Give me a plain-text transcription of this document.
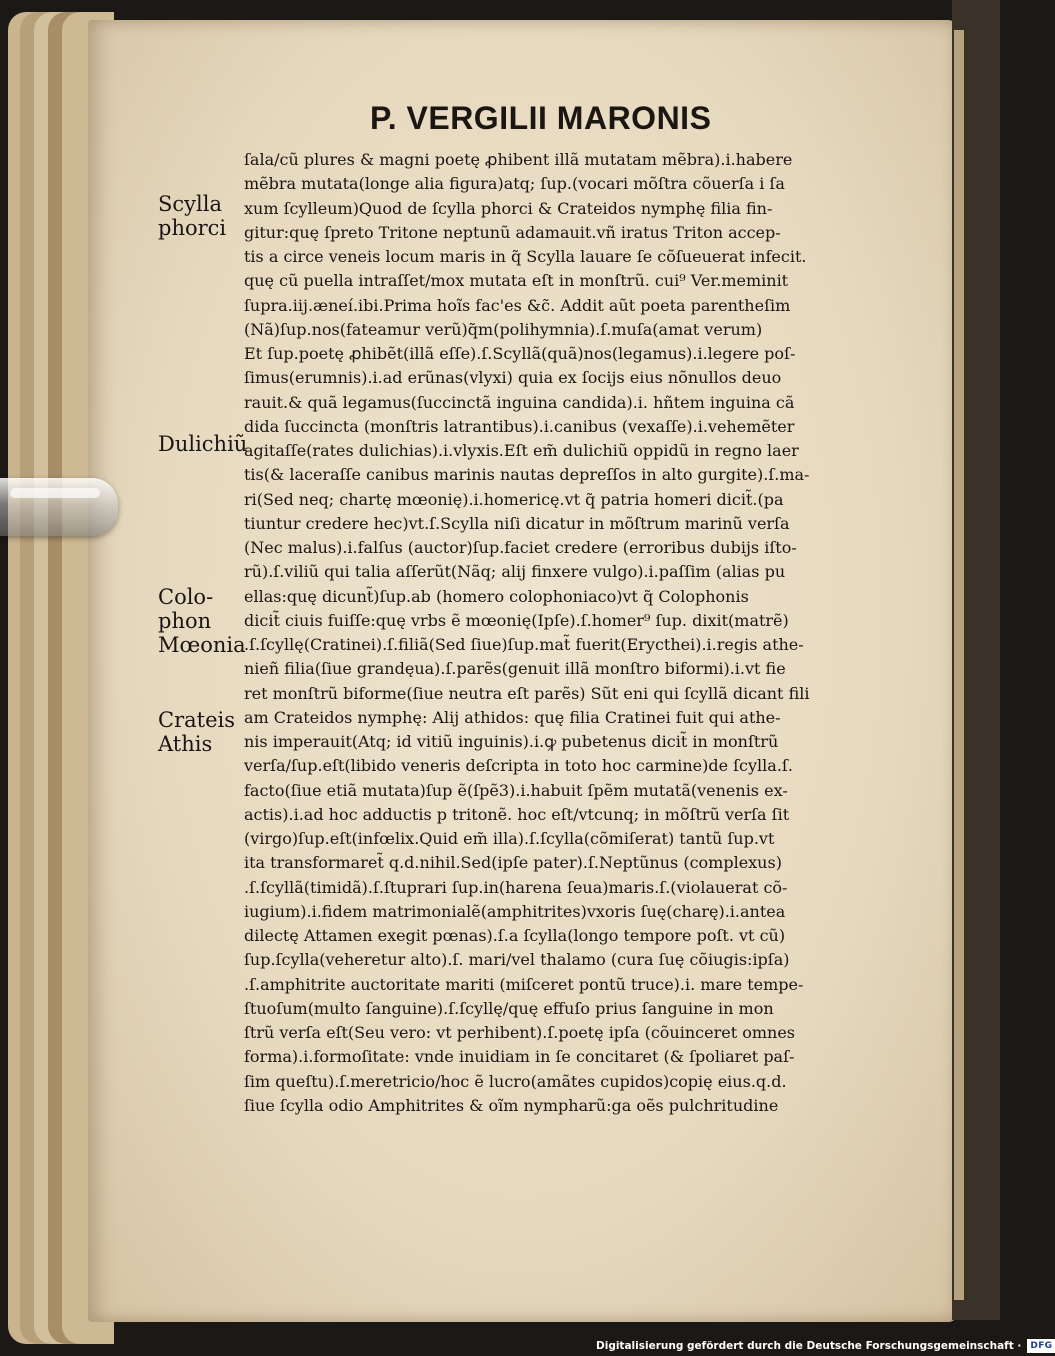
P. VERGILII MARONIS
Scylla
phorci
Dulichiũ
Colo-
phon
Mœonia
Crateis
Athis
ſala/cũ plures & magni poetę ꝓhibent illã mutatam mẽbra).i.habere
mẽbra mutata(longe alia figura)atq; ſup.(vocari mõſtra cõuerſa i ſa
xum ſcylleum)Quod de ſcylla phorci & Crateidos nymphę filia fin-
gitur:quę ſpreto Tritone neptunũ adamauit.vñ iratus Triton accep-
tis a circe veneis locum maris in q̃ Scylla lauare ſe cõſueuerat infecit.
quę cũ puella intraſſet/mox mutata eſt in monſtrũ. cui⁹ Ver.meminit
ſupra.iij.æneí.ibi.Prima hoĩs fac'es &c̃. Addit aũt poeta parentheſim
(Nã)ſup.nos(fateamur verũ)q̃m(polihymnia).ſ.muſa(amat verum)
Et ſup.poetę ꝓhibẽt(illã eſſe).ſ.Scyllã(quã)nos(legamus).i.legere poſ-
ſimus(erumnis).i.ad erũnas(vlyxi) quia ex ſocijs eius nõnullos deuo
rauit.& quã legamus(ſuccinctã inguina candida).i. hñtem inguina cã
dida ſuccincta (monſtris latrantibus).i.canibus (vexaſſe).i.vehemẽter
agitaſſe(rates dulichias).i.vlyxis.Eſt em̃ dulichiũ oppidũ in regno laer
tis(& laceraſſe canibus marinis nautas depreſſos in alto gurgite).ſ.ma-
ri(Sed neq; chartę mœonię).i.homericę.vt q̃ patria homeri dicit̃.(pa
tiuntur credere hec)vt.ſ.Scylla niſi dicatur in mõſtrum marinũ verſa
(Nec malus).i.falſus (auctor)ſup.faciet credere (erroribus dubijs iſto-
rũ).ſ.viliũ qui talia aſſerũt(Nãq; alij finxere vulgo).i.paſſim (alias pu
ellas:quę dicunt̃)ſup.ab (homero colophoniaco)vt q̃ Colophonis
dicit̃ ciuis fuiſſe:quę vrbs ẽ mœonię(Ipſe).ſ.homer⁹ ſup. dixit(matrẽ)
.ſ.ſcyllę(Cratinei).ſ.filiã(Sed ſiue)ſup.mat̃ fuerit(Erycthei).i.regis athe-
nieñ filia(ſiue grandęua).ſ.parẽs(genuit illã monſtro biformi).i.vt fie
ret monſtrũ biforme(ſiue neutra eſt parẽs) Sũt eni qui ſcyllã dicant fili
am Crateidos nymphę: Alij athidos: quę filia Cratinei fuit qui athe-
nis imperauit(Atq; id vitiũ inguinis).i.ꝙ pubetenus dicit̃ in monſtrũ
verſa/ſup.eſt(libido veneris deſcripta in toto hoc carmine)de ſcylla.ſ.
facto(ſiue etiã mutata)ſup ẽ(ſpẽ3).i.habuit ſpẽm mutatã(venenis ex-
actis).i.ad hoc adductis p tritonẽ. hoc eſt/vtcunq; in mõſtrũ verſa ſit
(virgo)ſup.eſt(infœlix.Quid em̃ illa).ſ.ſcylla(cõmiſerat) tantũ ſup.vt
ita transformaret̃ q.d.nihil.Sed(ipſe pater).ſ.Neptũnus (complexus)
.ſ.ſcyllã(timidã).ſ.ſtuprari ſup.in(harena ſeua)maris.ſ.(violauerat cõ-
iugium).i.fidem matrimonialẽ(amphitrites)vxoris ſuę(charę).i.antea
dilectę Attamen exegit pœnas).ſ.a ſcylla(longo tempore poſt. vt cũ)
ſup.ſcylla(veheretur alto).ſ. mari/vel thalamo (cura ſuę cõiugis:ipſa)
.ſ.amphitrite auctoritate mariti (miſceret pontũ truce).i. mare tempe-
ſtuoſum(multo ſanguine).ſ.ſcyllę/quę effuſo prius ſanguine in mon
ſtrũ verſa eſt(Seu vero: vt perhibent).ſ.poetę ipſa (cõuinceret omnes
forma).i.formoſitate: vnde inuidiam in ſe concitaret (& ſpoliaret paſ-
ſim queſtu).ſ.meretricio/hoc ẽ lucro(amãtes cupidos)copię eius.q.d.
ſiue ſcylla odio Amphitrites & oĩm nympharũ:ga oẽs pulchritudine
Digitalisierung gefördert durch die Deutsche Forschungsgemeinschaft ·	DFG
